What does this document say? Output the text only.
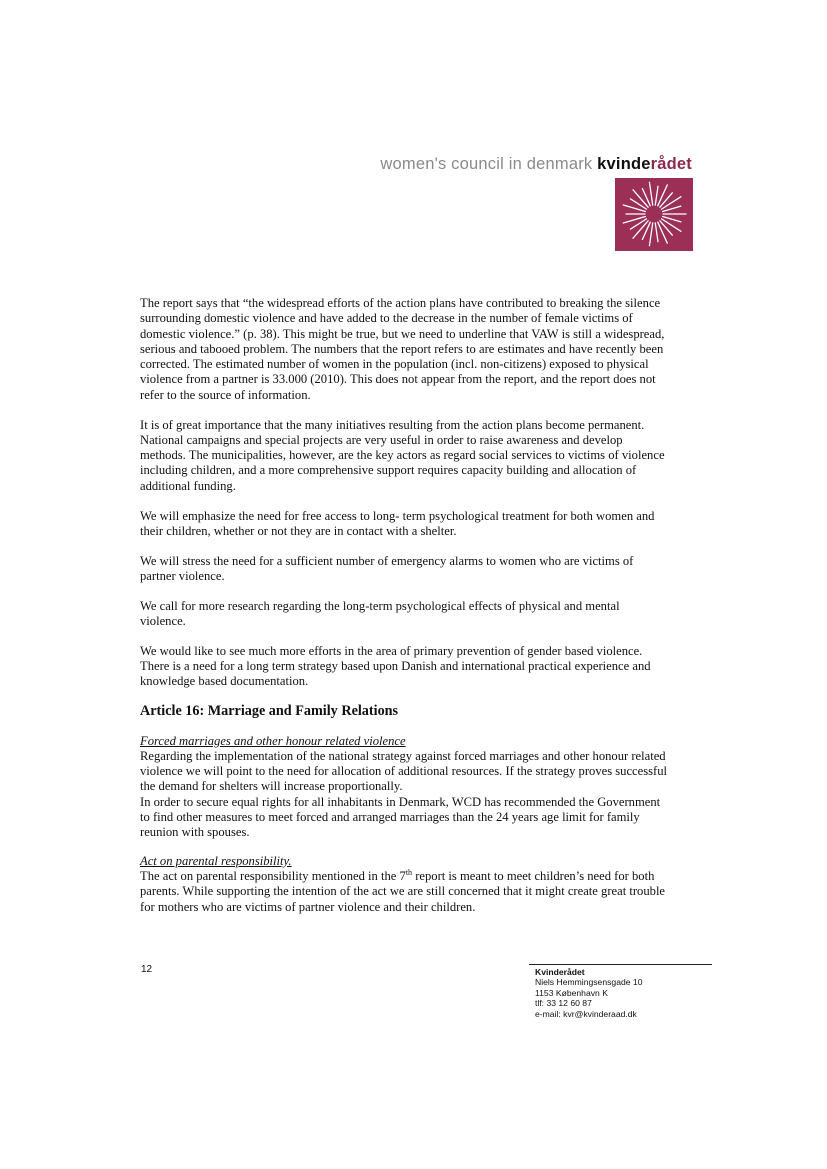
women's council in denmark kvinderådet

The report says that “the widespread efforts of the action plans have contributed to breaking the silence surrounding domestic violence and have added to the decrease in the number of female victims of domestic violence.” (p. 38). This might be true, but we need to underline that VAW is still a widespread, serious and tabooed problem. The numbers that the report refers to are estimates and have recently been corrected. The estimated number of women in the population (incl. non-citizens) exposed to physical violence from a partner is 33.000 (2010). This does not appear from the report, and the report does not refer to the source of information.

It is of great importance that the many initiatives resulting from the action plans become permanent. National campaigns and special projects are very useful in order to raise awareness and develop methods. The municipalities, however, are the key actors as regard social services to victims of violence including children, and a more comprehensive support requires capacity building and allocation of additional funding.

We will emphasize the need for free access to long- term psychological treatment for both women and their children, whether or not they are in contact with a shelter.

We will stress the need for a sufficient number of emergency alarms to women who are victims of partner violence.

We call for more research regarding the long-term psychological effects of physical and mental violence.

We would like to see much more efforts in the area of primary prevention of gender based violence. There is a need for a long term strategy based upon Danish and international practical experience and knowledge based documentation.

Article 16: Marriage and Family Relations

Forced marriages and other honour related violence

Regarding the implementation of the national strategy against forced marriages and other honour related violence we will point to the need for allocation of additional resources. If the strategy proves successful the demand for shelters will increase proportionally.

In order to secure equal rights for all inhabitants in Denmark, WCD has recommended the Government to find other measures to meet forced and arranged marriages than the 24 years age limit for family reunion with spouses.

Act on parental responsibility.

The act on parental responsibility mentioned in the 7th report is meant to meet children’s need for both parents. While supporting the intention of the act we are still concerned that it might create great trouble for mothers who are victims of partner violence and their children.

12	Kvinderådet
Niels Hemmingsensgade 10
1153 København K
tlf: 33 12 60 87
e-mail: kvr@kvinderaad.dk
